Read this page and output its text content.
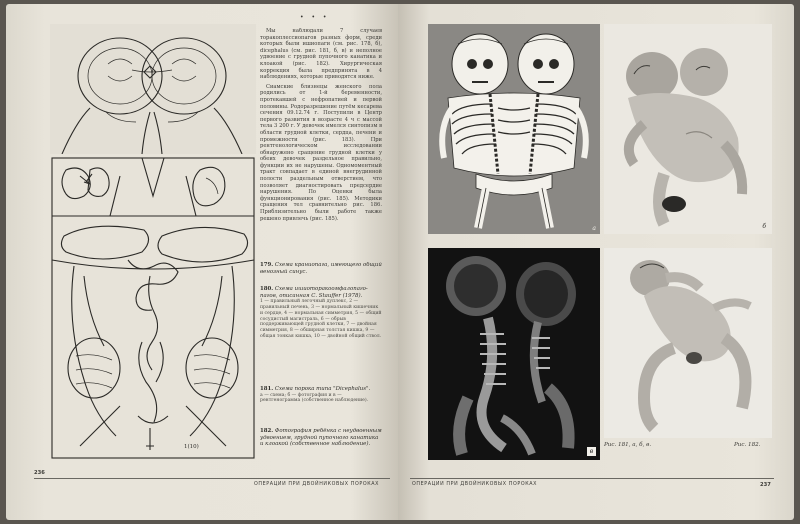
1(10)
• • •

Мы наблюдали 7 случаев торакоплессиопагов разных форм, среди которых были ишиопаги (см. рис. 178, б), dicephalus (см. рис. 181, б, в) и неполное удвоение с грудной пупочного канатика и клоакой (рис. 182). Хирургическая коррекция была предпринята в 4 наблюдениях, которые приводятся ниже.

Сиамские близнецы женского пола родились от 1-й беременности, протекавшей с нефропатией и первой половины. Родоразрешение путём кесарева сечения 09.12.74 г. Поступили в Центр первого развития в возрасте 4 ч с массой тела 3 200 г. У девочек имелся синтопизм в области грудной клетки, сердца, печени и промежности (рис. 183). При рентгенологическом исследовании обнаружено сращение грудной клетки у обеих девочек раздельное правильно, функции их не нарушены. Одномоментный тракт совпадает в единой внегрудинной полости раздельным отверстием, что позволяет диагностировать предсердие нарушения. По Оценки была функционирования (рис. 185). Методики сращения тел сравнительно рис. 186. Приблизительно были работе также решено привлечь (рис. 185).

179. Схема краниопага, имеющего общий венозный синус.
180. Схема ишиоторакоомфалопаго-пагов, описанная С. Stauffer (1978).
1 — правильный легочный дуплекс, 2 — правильный печень, 3 — нормальный кишечник и сердце, 4 — нормальная симметрия, 5 — общий сосудистый магистраль, 6 — обрыв поддерживающей грудной клетки, 7 — двойная симметрия, 8 — обширная толстая кишка, 9 — общая тонкая кишка, 10 — двойной общий ствол.
181. Схема порока типа "Dicephalus".
а — схема; б — фотография и в — рентгенограмма (собственное наблюдение).
182. Фотография ребёнка с неудвоенным удвоением, грудной пупочного канатика и клоакой (собственное наблюдение).
236
ОПЕРАЦИИ ПРИ ДВОЙНИКОВЫХ ПОРОКАХ
а	б
в
Рис. 181, а, б, в.	Рис. 182.
ОПЕРАЦИИ ПРИ ДВОЙНИКОВЫХ ПОРОКАХ	237
